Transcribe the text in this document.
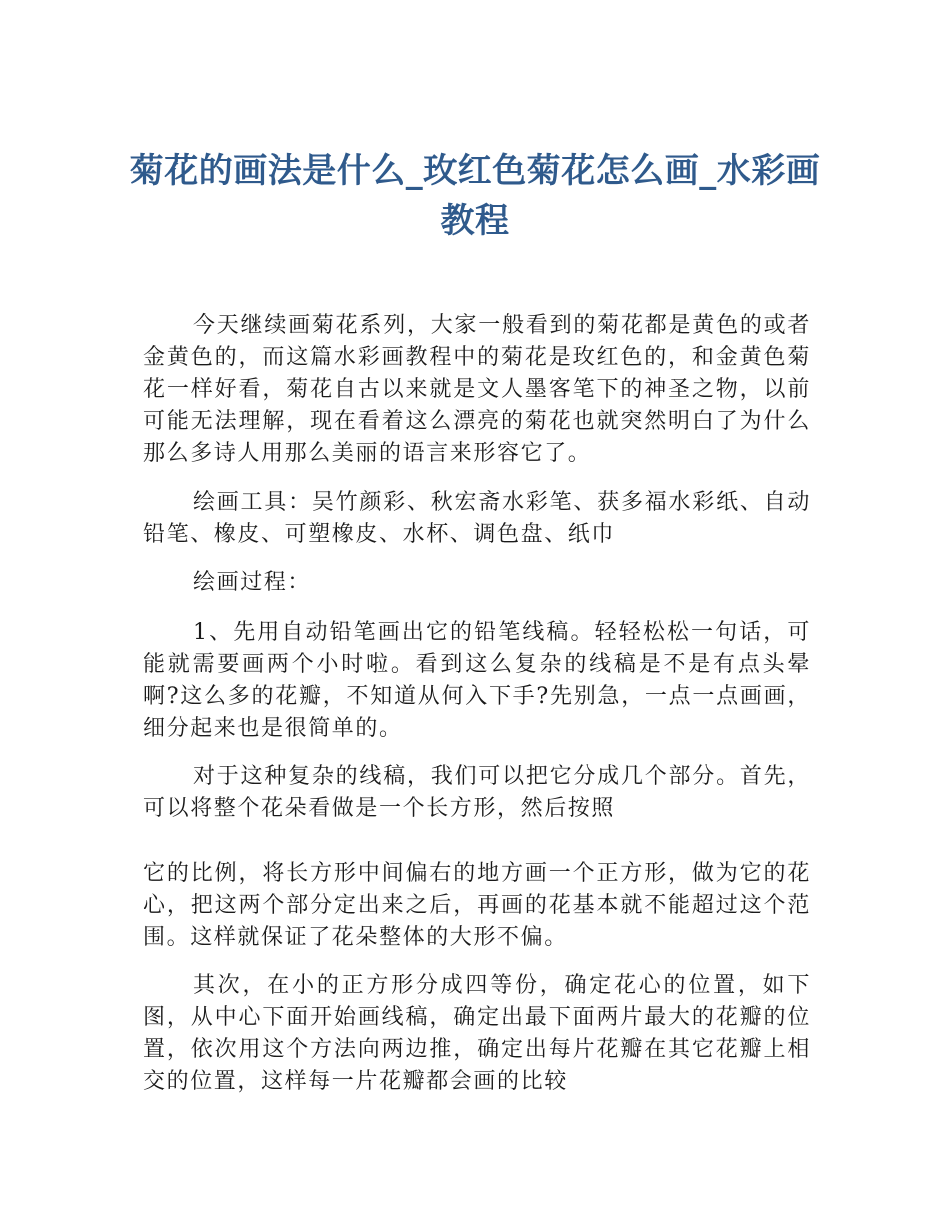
菊花的画法是什么_玫红色菊花怎么画_水彩画教程

今天继续画菊花系列，大家一般看到的菊花都是黄色的或者金黄色的，而这篇水彩画教程中的菊花是玫红色的，和金黄色菊花一样好看，菊花自古以来就是文人墨客笔下的神圣之物，以前可能无法理解，现在看着这么漂亮的菊花也就突然明白了为什么那么多诗人用那么美丽的语言来形容它了。

绘画工具：吴竹颜彩、秋宏斋水彩笔、获多福水彩纸、自动铅笔、橡皮、可塑橡皮、水杯、调色盘、纸巾

绘画过程：

1、先用自动铅笔画出它的铅笔线稿。轻轻松松一句话，可能就需要画两个小时啦。看到这么复杂的线稿是不是有点头晕啊?这么多的花瓣，不知道从何入下手?先别急，一点一点画画，细分起来也是很简单的。

对于这种复杂的线稿，我们可以把它分成几个部分。首先，可以将整个花朵看做是一个长方形，然后按照

它的比例，将长方形中间偏右的地方画一个正方形，做为它的花心，把这两个部分定出来之后，再画的花基本就不能超过这个范围。这样就保证了花朵整体的大形不偏。

其次，在小的正方形分成四等份，确定花心的位置，如下图，从中心下面开始画线稿，确定出最下面两片最大的花瓣的位置，依次用这个方法向两边推，确定出每片花瓣在其它花瓣上相交的位置，这样每一片花瓣都会画的比较
